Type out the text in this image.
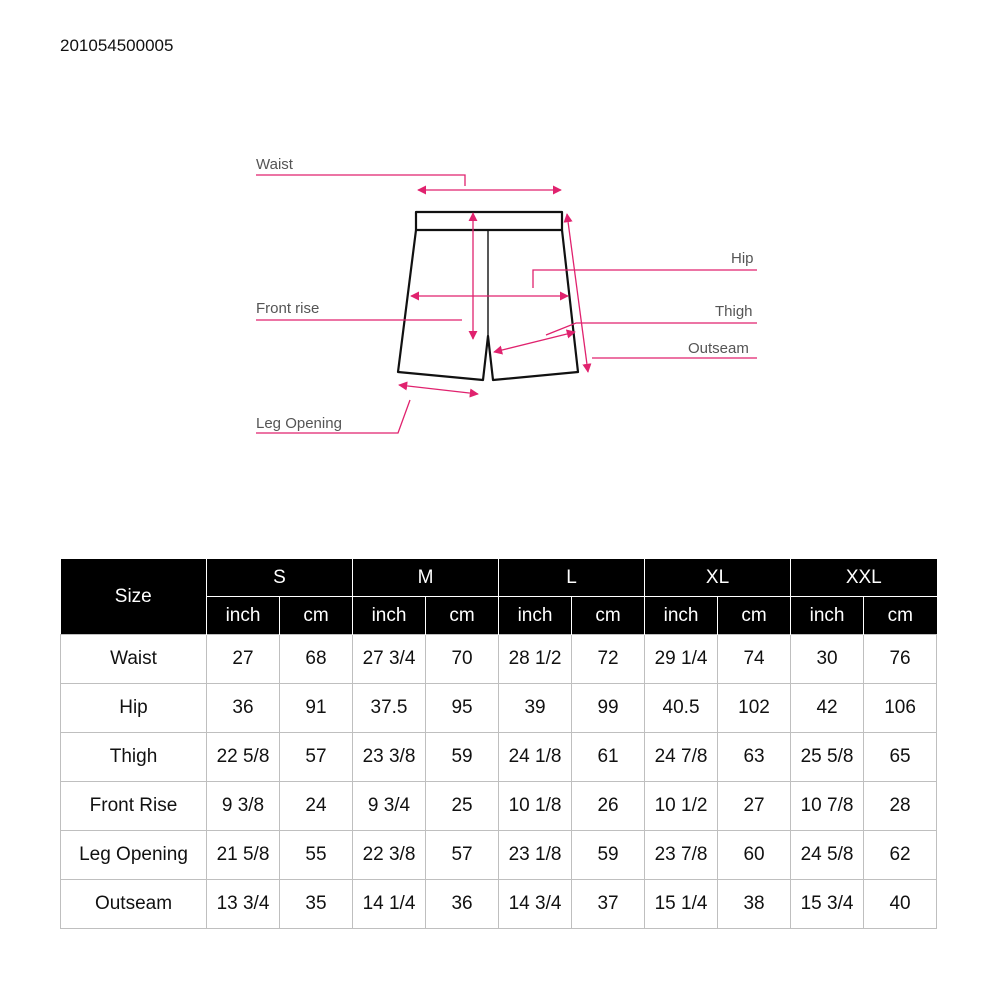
201054500005
Waist
Hip
Front rise	Thigh
Outseam
Leg Opening
Size	S		M		L		XL		XXL	
	inch	cm	inch	cm	inch	cm	inch	cm	inch	cm
Waist	27	68	27 3/4	70	28 1/2	72	29 1/4	74	30	76
Hip	36	91	37.5	95	39	99	40.5	102	42	106
Thigh	22 5/8	57	23 3/8	59	24 1/8	61	24 7/8	63	25 5/8	65
Front Rise	9 3/8	24	9 3/4	25	10 1/8	26	10 1/2	27	10 7/8	28
Leg Opening	21 5/8	55	22 3/8	57	23 1/8	59	23 7/8	60	24 5/8	62
Outseam	13 3/4	35	14 1/4	36	14 3/4	37	15 1/4	38	15 3/4	40
